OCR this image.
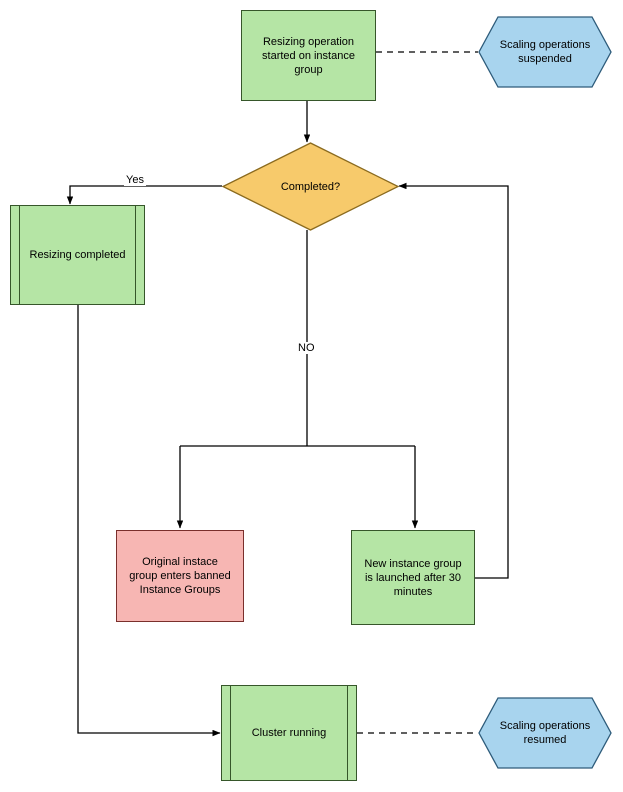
Resizing operation started on instance group
Scaling operations suspended
Completed?
Yes
NO
Resizing completed
Original instace group enters banned Instance Groups
New instance group is launched after 30 minutes
Cluster running
Scaling operations resumed
